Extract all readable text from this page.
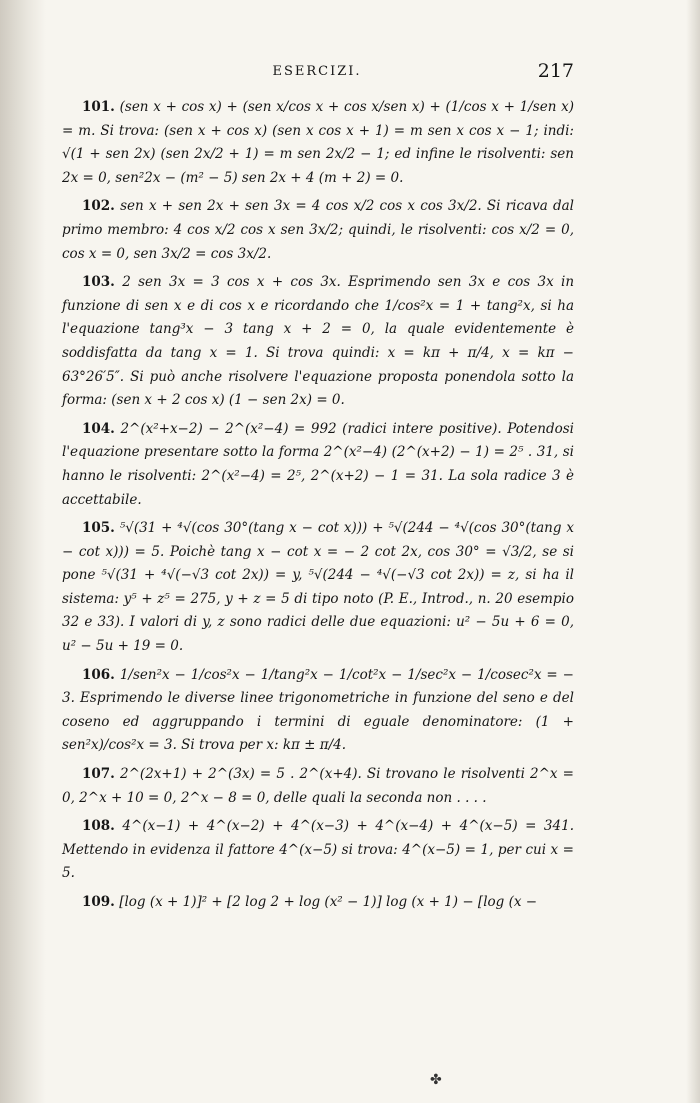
ESERCIZI.	217

101. (sen x + cos x) + (sen x/cos x + cos x/sen x) + (1/cos x + 1/sen x) = m. Si trova: (sen x + cos x) (sen x cos x + 1) = m sen x cos x − 1; indi: √(1 + sen 2x) (sen 2x/2 + 1) = m sen 2x/2 − 1; ed infine le risolventi: sen 2x = 0, sen²2x − (m² − 5) sen 2x + 4 (m + 2) = 0.

102. sen x + sen 2x + sen 3x = 4 cos x/2 cos x cos 3x/2. Si ricava dal primo membro: 4 cos x/2 cos x sen 3x/2; quindi, le risolventi: cos x/2 = 0, cos x = 0, sen 3x/2 = cos 3x/2.

103. 2 sen 3x = 3 cos x + cos 3x. Esprimendo sen 3x e cos 3x in funzione di sen x e di cos x e ricordando che 1/cos²x = 1 + tang²x, si ha l'equazione tang³x − 3 tang x + 2 = 0, la quale evidentemente è soddisfatta da tang x = 1. Si trova quindi: x = kπ + π/4, x = kπ − 63°26′5″. Si può anche risolvere l'equazione proposta ponendola sotto la forma: (sen x + 2 cos x) (1 − sen 2x) = 0.

104. 2^(x²+x−2) − 2^(x²−4) = 992 (radici intere positive). Potendosi l'equazione presentare sotto la forma 2^(x²−4) (2^(x+2) − 1) = 2⁵ . 31, si hanno le risolventi: 2^(x²−4) = 2⁵, 2^(x+2) − 1 = 31. La sola radice 3 è accettabile.

105. ⁵√(31 + ⁴√(cos 30°(tang x − cot x))) + ⁵√(244 − ⁴√(cos 30°(tang x − cot x))) = 5. Poichè tang x − cot x = − 2 cot 2x, cos 30° = √3/2, se si pone ⁵√(31 + ⁴√(−√3 cot 2x)) = y, ⁵√(244 − ⁴√(−√3 cot 2x)) = z, si ha il sistema: y⁵ + z⁵ = 275, y + z = 5 di tipo noto (P. E., Introd., n. 20 esempio 32 e 33). I valori di y, z sono radici delle due equazioni: u² − 5u + 6 = 0, u² − 5u + 19 = 0.

106. 1/sen²x − 1/cos²x − 1/tang²x − 1/cot²x − 1/sec²x − 1/cosec²x = − 3. Esprimendo le diverse linee trigonometriche in funzione del seno e del coseno ed aggruppando i termini di eguale denominatore: (1 + sen²x)/cos²x = 3. Si trova per x: kπ ± π/4.

107. 2^(2x+1) + 2^(3x) = 5 . 2^(x+4). Si trovano le risolventi 2^x = 0, 2^x + 10 = 0, 2^x − 8 = 0, delle quali la seconda non . . . .

108. 4^(x−1) + 4^(x−2) + 4^(x−3) + 4^(x−4) + 4^(x−5) = 341. Mettendo in evidenza il fattore 4^(x−5) si trova: 4^(x−5) = 1, per cui x = 5.

109. [log (x + 1)]² + [2 log 2 + log (x² − 1)] log (x + 1) − [log (x −

✤
